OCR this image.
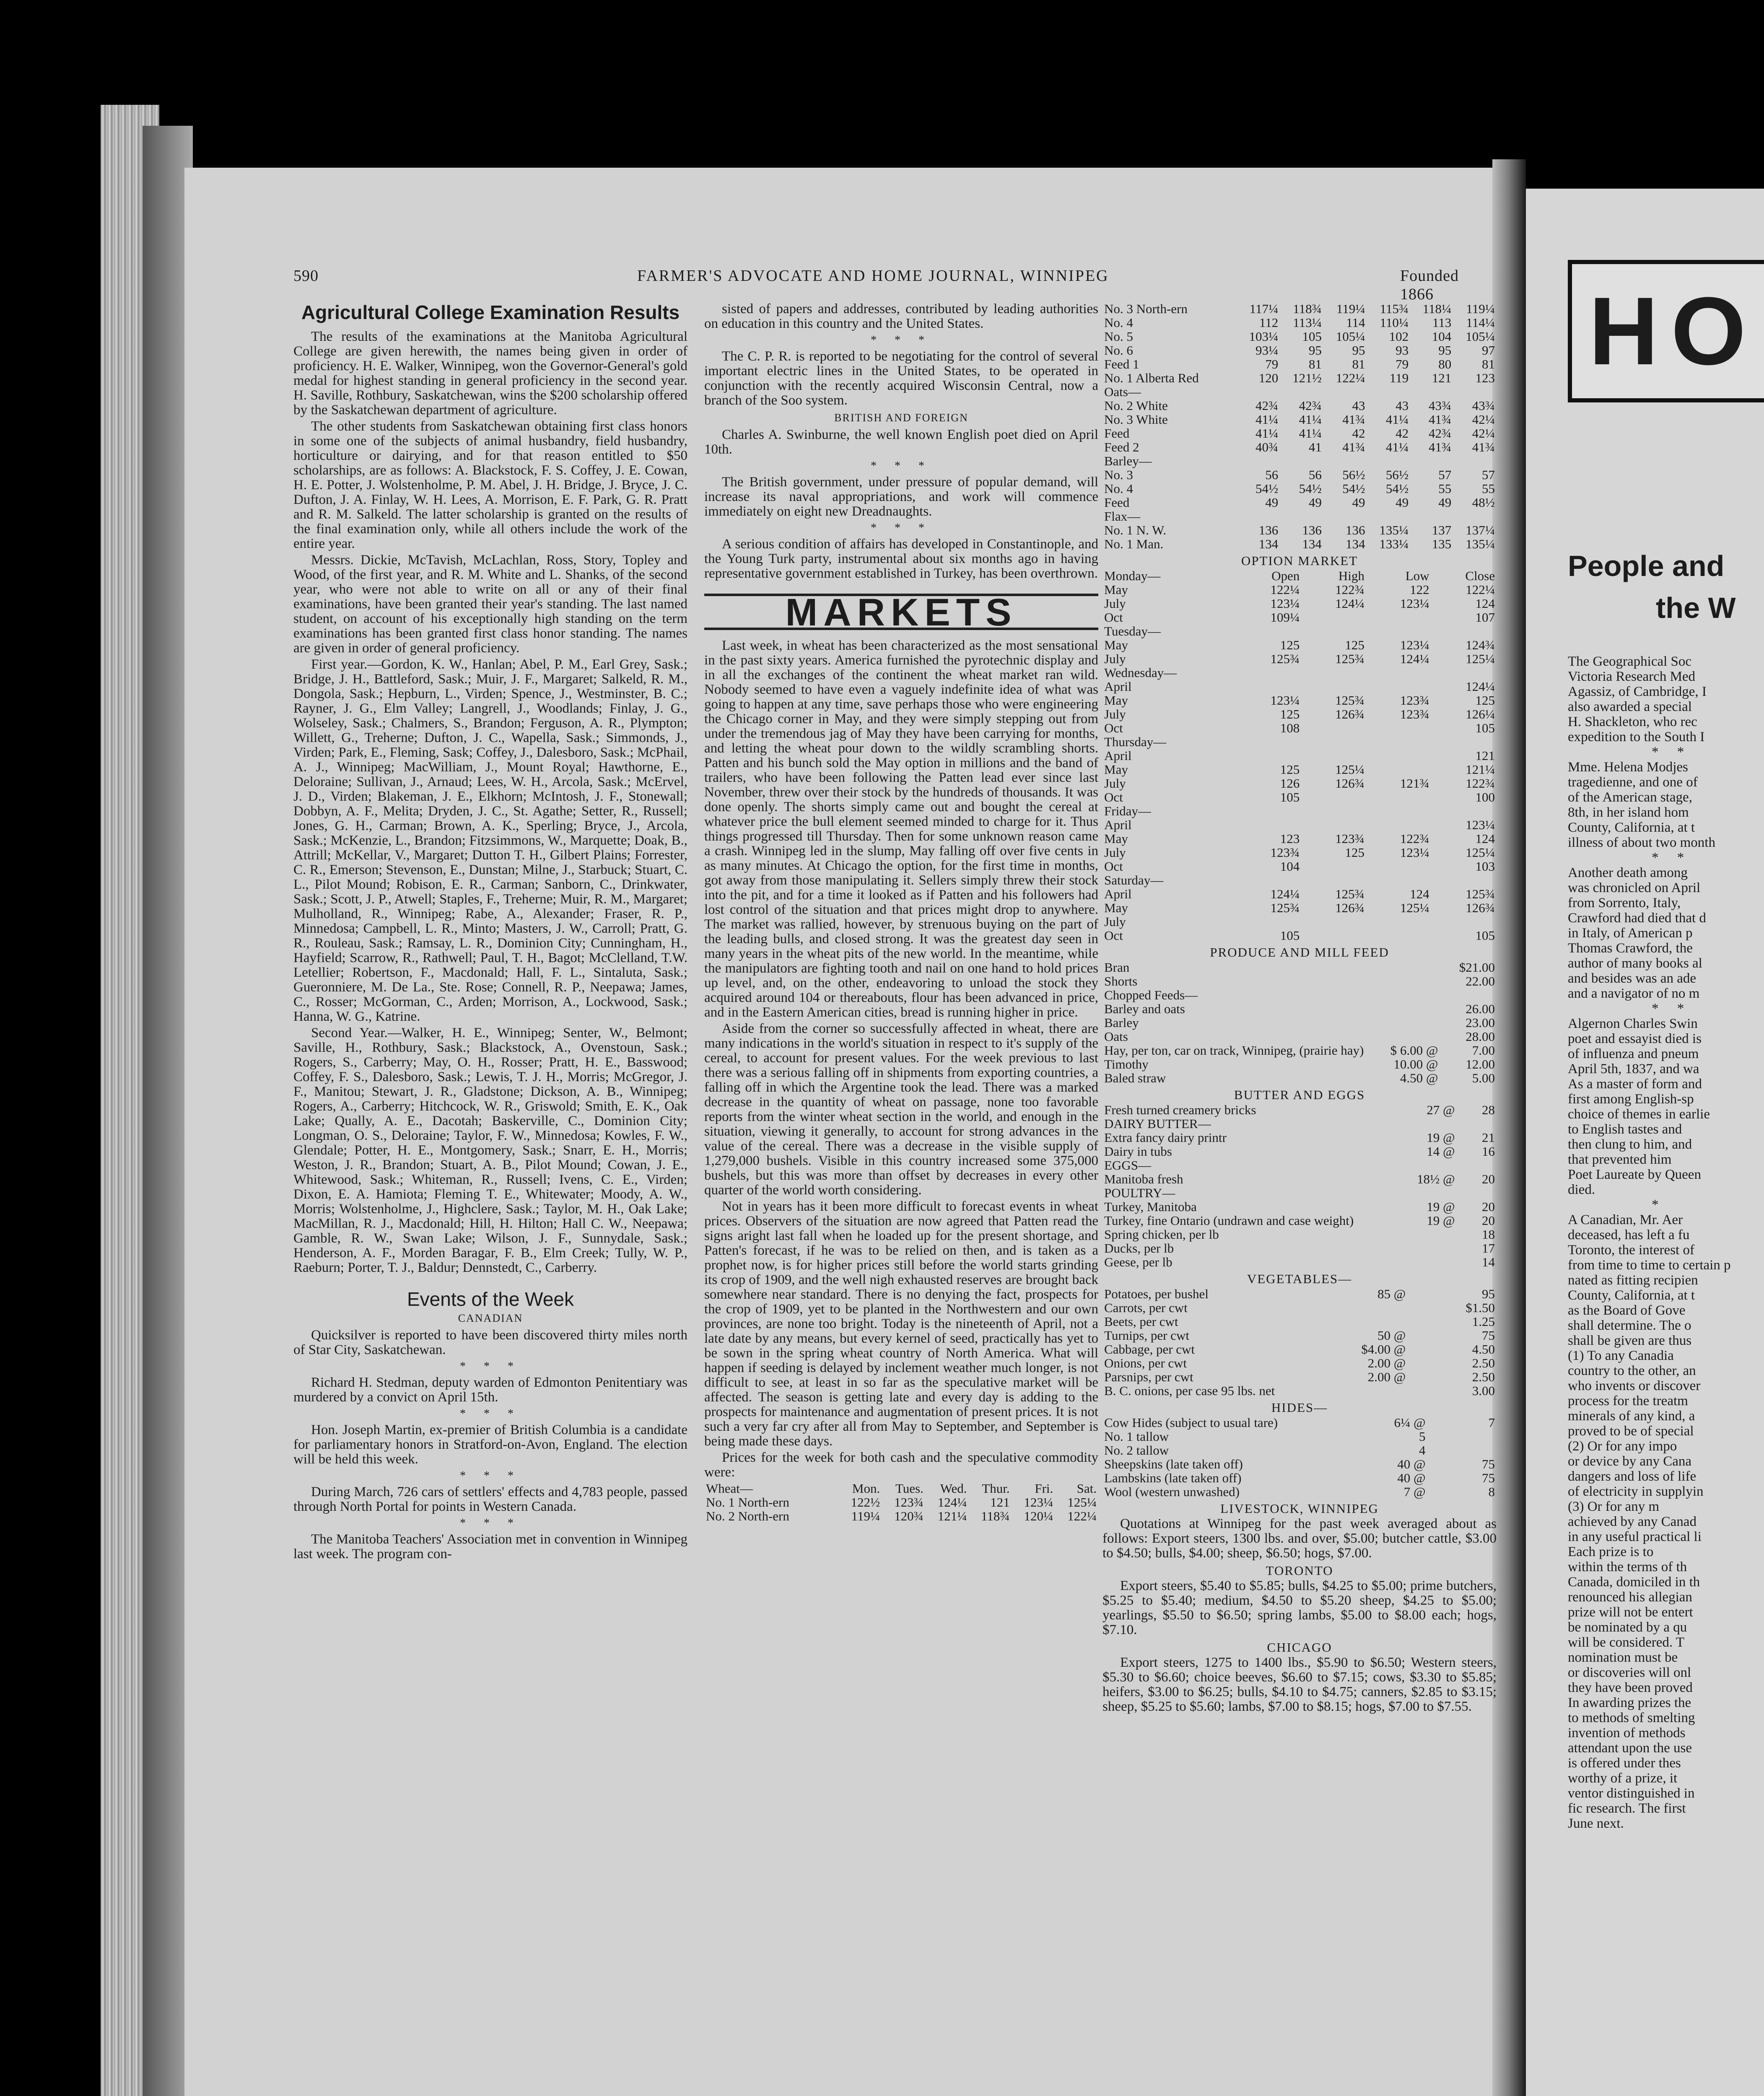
590	FARMER'S ADVOCATE AND HOME JOURNAL, WINNIPEG	Founded 1866
Agricultural College Examination Results

The results of the examinations at the Manitoba Agricultural College are given herewith, the names being given in order of proficiency. H. E. Walker, Winnipeg, won the Governor-General's gold medal for highest standing in general proficiency in the second year. H. Saville, Rothbury, Saskatchewan, wins the $200 scholarship offered by the Saskatchewan department of agriculture.

The other students from Saskatchewan obtaining first class honors in some one of the subjects of animal husbandry, field husbandry, horticulture or dairying, and for that reason entitled to $50 scholarships, are as follows: A. Blackstock, F. S. Coffey, J. E. Cowan, H. E. Potter, J. Wolstenholme, P. M. Abel, J. H. Bridge, J. Bryce, J. C. Dufton, J. A. Finlay, W. H. Lees, A. Morrison, E. F. Park, G. R. Pratt and R. M. Salkeld. The latter scholarship is granted on the results of the final examination only, while all others include the work of the entire year.

Messrs. Dickie, McTavish, McLachlan, Ross, Story, Topley and Wood, of the first year, and R. M. White and L. Shanks, of the second year, who were not able to write on all or any of their final examinations, have been granted their year's standing. The last named student, on account of his exceptionally high standing on the term examinations has been granted first class honor standing. The names are given in order of general proficiency.

First year.—Gordon, K. W., Hanlan; Abel, P. M., Earl Grey, Sask.; Bridge, J. H., Battleford, Sask.; Muir, J. F., Margaret; Salkeld, R. M., Dongola, Sask.; Hepburn, L., Virden; Spence, J., Westminster, B. C.; Rayner, J. G., Elm Valley; Langrell, J., Woodlands; Finlay, J. G., Wolseley, Sask.; Chalmers, S., Brandon; Ferguson, A. R., Plympton; Willett, G., Treherne; Dufton, J. C., Wapella, Sask.; Simmonds, J., Virden; Park, E., Fleming, Sask; Coffey, J., Dalesboro, Sask.; McPhail, A. J., Winnipeg; MacWilliam, J., Mount Royal; Hawthorne, E., Deloraine; Sullivan, J., Arnaud; Lees, W. H., Arcola, Sask.; McErvel, J. D., Virden; Blakeman, J. E., Elkhorn; McIntosh, J. F., Stonewall; Dobbyn, A. F., Melita; Dryden, J. C., St. Agathe; Setter, R., Russell; Jones, G. H., Carman; Brown, A. K., Sperling; Bryce, J., Arcola, Sask.; McKenzie, L., Brandon; Fitzsimmons, W., Marquette; Doak, B., Attrill; McKellar, V., Margaret; Dutton T. H., Gilbert Plains; Forrester, C. R., Emerson; Stevenson, E., Dunstan; Milne, J., Starbuck; Stuart, C. L., Pilot Mound; Robison, E. R., Carman; Sanborn, C., Drinkwater, Sask.; Scott, J. P., Atwell; Staples, F., Treherne; Muir, R. M., Margaret; Mulholland, R., Winnipeg; Rabe, A., Alexander; Fraser, R. P., Minnedosa; Campbell, L. R., Minto; Masters, J. W., Carroll; Pratt, G. R., Rouleau, Sask.; Ramsay, L. R., Dominion City; Cunningham, H., Hayfield; Scarrow, R., Rathwell; Paul, T. H., Bagot; McClelland, T.W. Letellier; Robertson, F., Macdonald; Hall, F. L., Sintaluta, Sask.; Gueronniere, M. De La., Ste. Rose; Connell, R. P., Neepawa; James, C., Rosser; McGorman, C., Arden; Morrison, A., Lockwood, Sask.; Hanna, W. G., Katrine.

Second Year.—Walker, H. E., Winnipeg; Senter, W., Belmont; Saville, H., Rothbury, Sask.; Blackstock, A., Ovenstoun, Sask.; Rogers, S., Carberry; May, O. H., Rosser; Pratt, H. E., Basswood; Coffey, F. S., Dalesboro, Sask.; Lewis, T. J. H., Morris; McGregor, J. F., Manitou; Stewart, J. R., Gladstone; Dickson, A. B., Winnipeg; Rogers, A., Carberry; Hitchcock, W. R., Griswold; Smith, E. K., Oak Lake; Qually, A. E., Dacotah; Baskerville, C., Dominion City; Longman, O. S., Deloraine; Taylor, F. W., Minnedosa; Kowles, F. W., Glendale; Potter, H. E., Montgomery, Sask.; Snarr, E. H., Morris; Weston, J. R., Brandon; Stuart, A. B., Pilot Mound; Cowan, J. E., Whitewood, Sask.; Whiteman, R., Russell; Ivens, C. E., Virden; Dixon, E. A. Hamiota; Fleming T. E., Whitewater; Moody, A. W., Morris; Wolstenholme, J., Highclere, Sask.; Taylor, M. H., Oak Lake; MacMillan, R. J., Macdonald; Hill, H. Hilton; Hall C. W., Neepawa; Gamble, R. W., Swan Lake; Wilson, J. F., Sunnydale, Sask.; Henderson, A. F., Morden Baragar, F. B., Elm Creek; Tully, W. P., Raeburn; Porter, T. J., Baldur; Dennstedt, C., Carberry.

Events of the Week
CANADIAN

Quicksilver is reported to have been discovered thirty miles north of Star City, Saskatchewan.

* * *

Richard H. Stedman, deputy warden of Edmonton Penitentiary was murdered by a convict on April 15th.

* * *

Hon. Joseph Martin, ex-premier of British Columbia is a candidate for parliamentary honors in Stratford-on-Avon, England. The election will be held this week.

* * *

During March, 726 cars of settlers' effects and 4,783 people, passed through North Portal for points in Western Canada.

* * *

The Manitoba Teachers' Association met in convention in Winnipeg last week. The program con-

sisted of papers and addresses, contributed by leading authorities on education in this country and the United States.

* * *

The C. P. R. is reported to be negotiating for the control of several important electric lines in the United States, to be operated in conjunction with the recently acquired Wisconsin Central, now a branch of the Soo system.

BRITISH AND FOREIGN

Charles A. Swinburne, the well known English poet died on April 10th.

* * *

The British government, under pressure of popular demand, will increase its naval appropriations, and work will commence immediately on eight new Dreadnaughts.

* * *

A serious condition of affairs has developed in Constantinople, and the Young Turk party, instrumental about six months ago in having representative government established in Turkey, has been overthrown.

MARKETS

Last week, in wheat has been characterized as the most sensational in the past sixty years. America furnished the pyrotechnic display and in all the exchanges of the continent the wheat market ran wild. Nobody seemed to have even a vaguely indefinite idea of what was going to happen at any time, save perhaps those who were engineering the Chicago corner in May, and they were simply stepping out from under the tremendous jag of May they have been carrying for months, and letting the wheat pour down to the wildly scrambling shorts. Patten and his bunch sold the May option in millions and the band of trailers, who have been following the Patten lead ever since last November, threw over their stock by the hundreds of thousands. It was done openly. The shorts simply came out and bought the cereal at whatever price the bull element seemed minded to charge for it. Thus things progressed till Thursday. Then for some unknown reason came a crash. Winnipeg led in the slump, May falling off over five cents in as many minutes. At Chicago the option, for the first time in months, got away from those manipulating it. Sellers simply threw their stock into the pit, and for a time it looked as if Patten and his followers had lost control of the situation and that prices might drop to anywhere. The market was rallied, however, by strenuous buying on the part of the leading bulls, and closed strong. It was the greatest day seen in many years in the wheat pits of the new world. In the meantime, while the manipulators are fighting tooth and nail on one hand to hold prices up level, and, on the other, endeavoring to unload the stock they acquired around 104 or thereabouts, flour has been advanced in price, and in the Eastern American cities, bread is running higher in price.

Aside from the corner so successfully affected in wheat, there are many indications in the world's situation in respect to it's supply of the cereal, to account for present values. For the week previous to last there was a serious falling off in shipments from exporting countries, a falling off in which the Argentine took the lead. There was a marked decrease in the quantity of wheat on passage, none too favorable reports from the winter wheat section in the world, and enough in the situation, viewing it generally, to account for strong advances in the value of the cereal. There was a decrease in the visible supply of 1,279,000 bushels. Visible in this country increased some 375,000 bushels, but this was more than offset by decreases in every other quarter of the world worth considering.

Not in years has it been more difficult to forecast events in wheat prices. Observers of the situation are now agreed that Patten read the signs aright last fall when he loaded up for the present shortage, and Patten's forecast, if he was to be relied on then, and is taken as a prophet now, is for higher prices still before the world starts grinding its crop of 1909, and the well nigh exhausted reserves are brought back somewhere near standard. There is no denying the fact, prospects for the crop of 1909, yet to be planted in the Northwestern and our own provinces, are none too bright. Today is the nineteenth of April, not a late date by any means, but every kernel of seed, practically has yet to be sown in the spring wheat country of North America. What will happen if seeding is delayed by inclement weather much longer, is not difficult to see, at least in so far as the speculative market will be affected. The season is getting late and every day is adding to the prospects for maintenance and augmentation of present prices. It is not such a very far cry after all from May to September, and September is being made these days.

Prices for the week for both cash and the speculative commodity were:

Wheat—	Mon.	Tues.	Wed.	Thur.	Fri.	Sat.
No. 1 North-ern	122½	123¾	124¼	121	123¼	125¼
No. 2 North-ern	119¼	120¾	121¼	118¾	120¼	122¼
No. 3 North-ern	117¼	118¾	119¼	115¾	118¼	119¼
No. 4	112	113¼	114	110¼	113	114¼
No. 5	103¼	105	105¼	102	104	105¼
No. 6	93¼	95	95	93	95	97
Feed 1	79	81	81	79	80	81
No. 1 Alberta Red	120	121½	122¼	119	121	123
Oats—						
No. 2 White	42¾	42¾	43	43	43¾	43¾
No. 3 White	41¼	41¼	41¾	41¼	41¾	42¼
Feed	41¼	41¼	42	42	42¾	42¼
Feed 2	40¾	41	41¾	41¼	41¾	41¾
Barley—						
No. 3	56	56	56½	56½	57	57
No. 4	54½	54½	54½	54½	55	55
Feed	49	49	49	49	49	48½
Flax—						
No. 1 N. W.	136	136	136	135¼	137	137¼
No. 1 Man.	134	134	134	133¼	135	135¼
OPTION MARKET
Monday—	Open	High	Low	Close
May	122¼	122¾	122	122¼
July	123¼	124¼	123¼	124
Oct	109¼			107
Tuesday—				
May	125	125	123¼	124¾
July	125¾	125¾	124¼	125¼
Wednesday—				
April				124¼
May	123¼	125¾	123¾	125
July	125	126¾	123¾	126¼
Oct	108			105
Thursday—				
April				121
May	125	125¼		121¼
July	126	126¾	121¾	122¾
Oct	105			100
Friday—				
April				123¼
May	123	123¾	122¾	124
July	123¾	125	123¼	125¼
Oct	104			103
Saturday—				
April	124¼	125¾	124	125¾
May	125¾	126¾	125¼	126¾
July				
Oct	105			105
PRODUCE AND MILL FEED
Bran		$21.00
Shorts		22.00
Chopped Feeds—		
Barley and oats		26.00
Barley		23.00
Oats		28.00
Hay, per ton, car on track, Winnipeg, (prairie hay)	$ 6.00 @	7.00
Timothy	10.00 @	12.00
Baled straw	4.50 @	5.00
BUTTER AND EGGS
Fresh turned creamery bricks	27 @	28
DAIRY BUTTER—		
Extra fancy dairy printr	19 @	21
Dairy in tubs	14 @	16
EGGS—		
Manitoba fresh	18½ @	20
POULTRY—		
Turkey, Manitoba	19 @	20
Turkey, fine Ontario (undrawn and case weight)	19 @	20
Spring chicken, per lb		18
Ducks, per lb		17
Geese, per lb		14
VEGETABLES—
Potatoes, per bushel	85 @	95
Carrots, per cwt		$1.50
Beets, per cwt		1.25
Turnips, per cwt	50 @	75
Cabbage, per cwt	$4.00 @	4.50
Onions, per cwt	2.00 @	2.50
Parsnips, per cwt	2.00 @	2.50
B. C. onions, per case 95 lbs. net		3.00
HIDES—
Cow Hides (subject to usual tare)	6¼ @	7
No. 1 tallow	5	
No. 2 tallow	4	
Sheepskins (late taken off)	40 @	75
Lambskins (late taken off)	40 @	75
Wool (western unwashed)	7 @	8
LIVESTOCK, WINNIPEG

Quotations at Winnipeg for the past week averaged about as follows: Export steers, 1300 lbs. and over, $5.00; butcher cattle, $3.00 to $4.50; bulls, $4.00; sheep, $6.50; hogs, $7.00.

TORONTO

Export steers, $5.40 to $5.85; bulls, $4.25 to $5.00; prime butchers, $5.25 to $5.40; medium, $4.50 to $5.20 sheep, $4.25 to $5.00; yearlings, $5.50 to $6.50; spring lambs, $5.00 to $8.00 each; hogs, $7.10.

CHICAGO

Export steers, 1275 to 1400 lbs., $5.90 to $6.50; Western steers, $5.30 to $6.60; choice beeves, $6.60 to $7.15; cows, $3.30 to $5.85; heifers, $3.00 to $6.25; bulls, $4.10 to $4.75; canners, $2.85 to $3.15; sheep, $5.25 to $5.60; lambs, $7.00 to $8.15; hogs, $7.00 to $7.55.

HO
People and
the W
The Geographical Soc
Victoria Research Med
Agassiz, of Cambridge, I
also awarded a special
H. Shackleton, who rec
expedition to the South I
* *
Mme. Helena Modjes
tragedienne, and one of
of the American stage,
8th, in her island hom
County, California, at t
illness of about two month
* *
Another death among
was chronicled on April
from Sorrento, Italy,
Crawford had died that d
in Italy, of American p
Thomas Crawford, the
author of many books al
and besides was an ade
and a navigator of no m
* *
Algernon Charles Swin
poet and essayist died is
of influenza and pneum
April 5th, 1837, and wa
As a master of form and
first among English-sp
choice of themes in earlie
to English tastes and
then clung to him, and
that prevented him
Poet Laureate by Queen
died.
*
A Canadian, Mr. Aer
deceased, has left a fu
Toronto, the interest of
from time to time to certain p
nated as fitting recipien
County, California, at t
as the Board of Gove
shall determine. The o
shall be given are thus
(1) To any Canadia
country to the other, an
who invents or discover
process for the treatm
minerals of any kind, a
proved to be of special
(2) Or for any impo
or device by any Cana
dangers and loss of life
of electricity in supplyin
(3) Or for any m
achieved by any Canad
in any useful practical li
Each prize is to
within the terms of th
Canada, domiciled in th
renounced his allegian
prize will not be entert
be nominated by a qu
will be considered. T
nomination must be
or discoveries will onl
they have been proved
In awarding prizes the
to methods of smelting
invention of methods
attendant upon the use
is offered under thes
worthy of a prize, it
ventor distinguished in
fic research. The first
June next.
